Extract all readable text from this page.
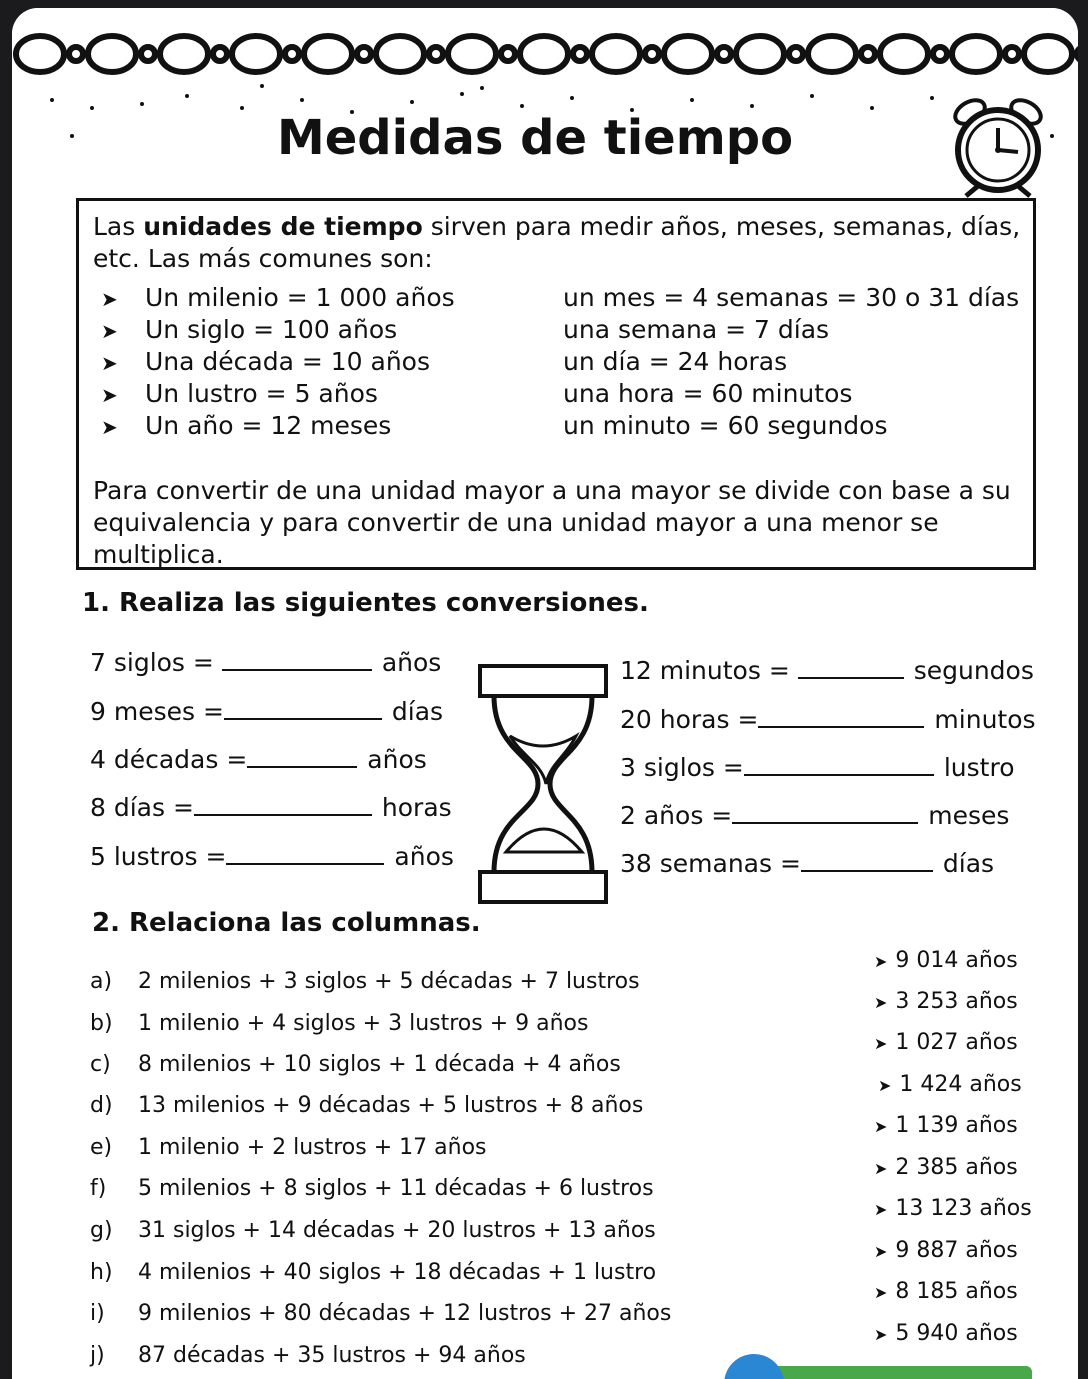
Medidas de tiempo
Las unidades de tiempo sirven para medir años, meses, semanas, días, etc. Las más comunes son:
➤ Un milenio = 1 000 años
➤ Un siglo = 100 años
➤ Una década = 10 años
➤ Un lustro = 5 años
➤ Un año = 12 meses
un mes = 4 semanas = 30 o 31 días
una semana = 7 días
un día = 24 horas
una hora = 60 minutos
un minuto = 60 segundos
Para convertir de una unidad mayor a una mayor se divide con base a su equivalencia y para convertir de una unidad mayor a una menor se multiplica.
1. Realiza las siguientes conversiones.
7 siglos =	años
9 meses =	días
4 décadas =	años
8 días =	horas
5 lustros =	años
12 minutos =	segundos
20 horas =	minutos
3 siglos =	lustro
2 años =	meses
38 semanas =	días
2. Relaciona las columnas.
a) 2 milenios + 3 siglos + 5 décadas + 7 lustros
b) 1 milenio + 4 siglos + 3 lustros + 9 años
c) 8 milenios + 10 siglos + 1 década + 4 años
d) 13 milenios + 9 décadas + 5 lustros + 8 años
e) 1 milenio + 2 lustros + 17 años
f) 5 milenios + 8 siglos + 11 décadas + 6 lustros
g) 31 siglos + 14 décadas + 20 lustros + 13 años
h) 4 milenios + 40 siglos + 18 décadas + 1 lustro
i) 9 milenios + 80 décadas + 12 lustros + 27 años
j) 87 décadas + 35 lustros + 94 años
➤ 9 014 años
➤ 3 253 años
➤ 1 027 años
➤ 1 424 años
➤ 1 139 años
➤ 2 385 años
➤ 13 123 años
➤ 9 887 años
➤ 8 185 años
➤ 5 940 años
